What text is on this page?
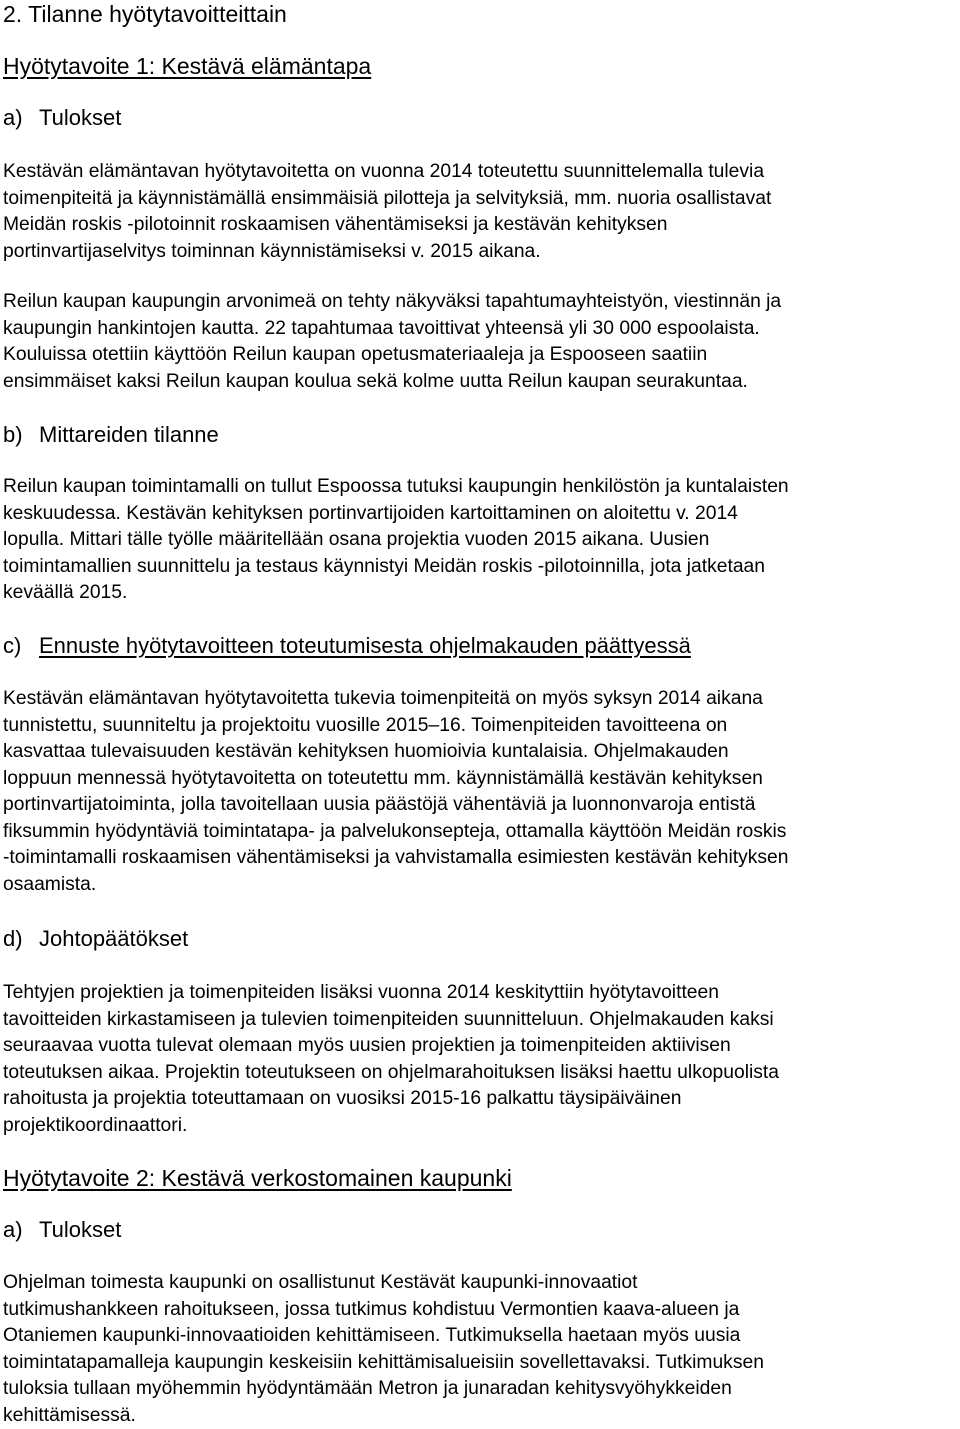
2. Tilanne hyötytavoitteittain
Hyötytavoite 1: Kestävä elämäntapa
a) Tulokset

Kestävän elämäntavan hyötytavoitetta on vuonna 2014 toteutettu suunnittelemalla tulevia
toimenpiteitä ja käynnistämällä ensimmäisiä pilotteja ja selvityksiä, mm. nuoria osallistavat
Meidän roskis -pilotoinnit roskaamisen vähentämiseksi ja kestävän kehityksen
portinvartijaselvitys toiminnan käynnistämiseksi v. 2015 aikana.

Reilun kaupan kaupungin arvonimeä on tehty näkyväksi tapahtumayhteistyön, viestinnän ja
kaupungin hankintojen kautta. 22 tapahtumaa tavoittivat yhteensä yli 30 000 espoolaista.
Kouluissa otettiin käyttöön Reilun kaupan opetusmateriaaleja ja Espooseen saatiin
ensimmäiset kaksi Reilun kaupan koulua sekä kolme uutta Reilun kaupan seurakuntaa.

b) Mittareiden tilanne

Reilun kaupan toimintamalli on tullut Espoossa tutuksi kaupungin henkilöstön ja kuntalaisten
keskuudessa. Kestävän kehityksen portinvartijoiden kartoittaminen on aloitettu v. 2014
lopulla. Mittari tälle työlle määritellään osana projektia vuoden 2015 aikana. Uusien
toimintamallien suunnittelu ja testaus käynnistyi Meidän roskis -pilotoinnilla, jota jatketaan
keväällä 2015.

c) Ennuste hyötytavoitteen toteutumisesta ohjelmakauden päättyessä

Kestävän elämäntavan hyötytavoitetta tukevia toimenpiteitä on myös syksyn 2014 aikana
tunnistettu, suunniteltu ja projektoitu vuosille 2015–16. Toimenpiteiden tavoitteena on
kasvattaa tulevaisuuden kestävän kehityksen huomioivia kuntalaisia. Ohjelmakauden
loppuun mennessä hyötytavoitetta on toteutettu mm. käynnistämällä kestävän kehityksen
portinvartijatoiminta, jolla tavoitellaan uusia päästöjä vähentäviä ja luonnonvaroja entistä
fiksummin hyödyntäviä toimintatapa- ja palvelukonsepteja, ottamalla käyttöön Meidän roskis
-toimintamalli roskaamisen vähentämiseksi ja vahvistamalla esimiesten kestävän kehityksen
osaamista.

d) Johtopäätökset

Tehtyjen projektien ja toimenpiteiden lisäksi vuonna 2014 keskityttiin hyötytavoitteen
tavoitteiden kirkastamiseen ja tulevien toimenpiteiden suunnitteluun. Ohjelmakauden kaksi
seuraavaa vuotta tulevat olemaan myös uusien projektien ja toimenpiteiden aktiivisen
toteutuksen aikaa. Projektin toteutukseen on ohjelmarahoituksen lisäksi haettu ulkopuolista
rahoitusta ja projektia toteuttamaan on vuosiksi 2015-16 palkattu täysipäiväinen
projektikoordinaattori.

Hyötytavoite 2: Kestävä verkostomainen kaupunki
a) Tulokset

Ohjelman toimesta kaupunki on osallistunut Kestävät kaupunki-innovaatiot
tutkimushankkeen rahoitukseen, jossa tutkimus kohdistuu Vermontien kaava-alueen ja
Otaniemen kaupunki-innovaatioiden kehittämiseen. Tutkimuksella haetaan myös uusia
toimintatapamalleja kaupungin keskeisiin kehittämisalueisiin sovellettavaksi. Tutkimuksen
tuloksia tullaan myöhemmin hyödyntämään Metron ja junaradan kehitysvyöhykkeiden
kehittämisessä.
